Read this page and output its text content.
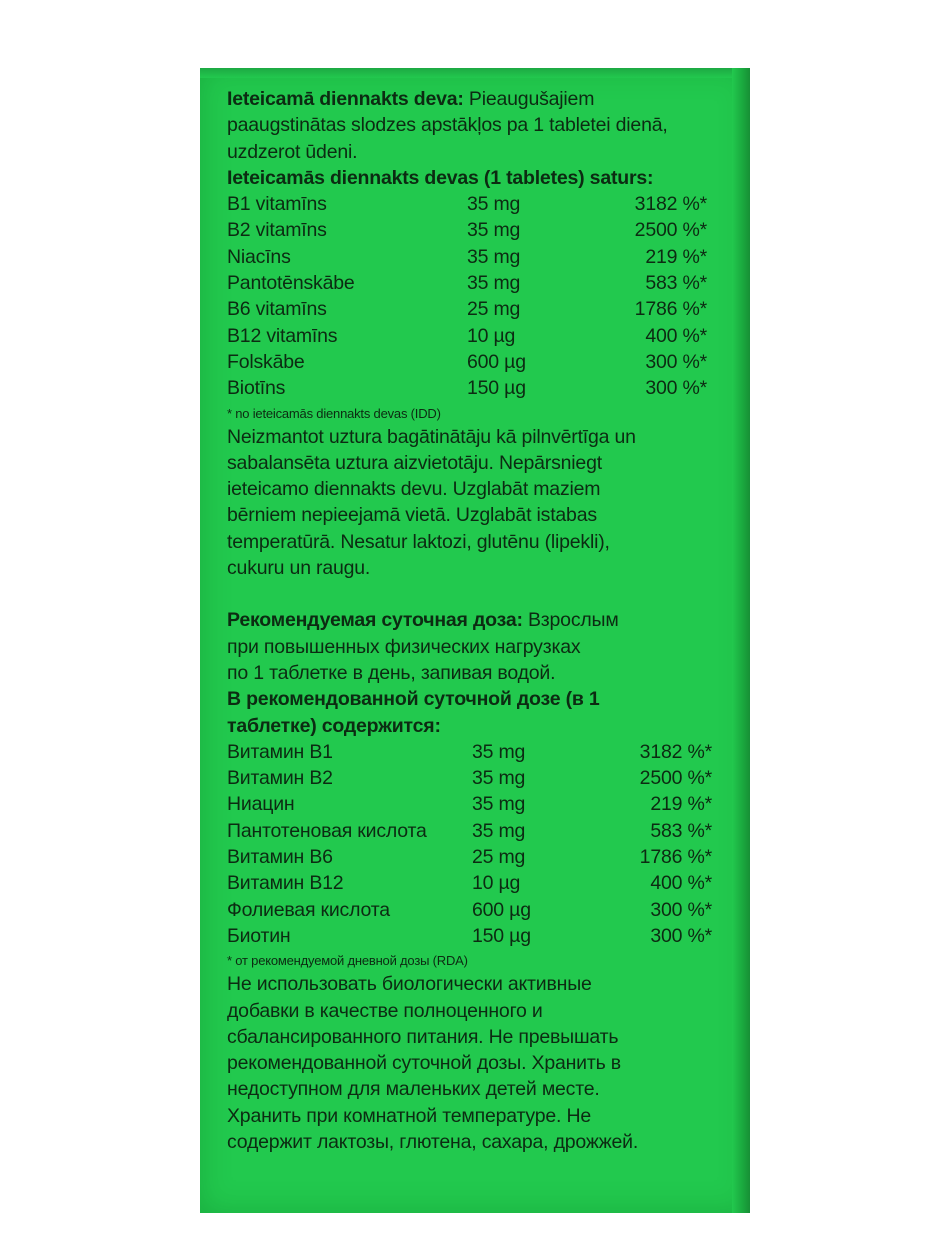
Ieteicamā diennakts deva: Pieaugušajiem
paaugstinātas slodzes apstākļos pa 1 tabletei dienā,
uzdzerot ūdeni.

Ieteicamās diennakts devas (1 tabletes) saturs:

B1 vitamīns	35 mg	3182 %*
B2 vitamīns	35 mg	2500 %*
Niacīns	35 mg	219 %*
Pantotēnskābe	35 mg	583 %*
B6 vitamīns	25 mg	1786 %*
B12 vitamīns	10 µg	400 %*
Folskābe	600 µg	300 %*
Biotīns	150 µg	300 %*

* no ieteicamās diennakts devas (IDD)

Neizmantot uztura bagātinātāju kā pilnvērtīga un
sabalansēta uztura aizvietotāju. Nepārsniegt
ieteicamo diennakts devu. Uzglabāt maziem
bērniem nepieejamā vietā. Uzglabāt istabas
temperatūrā. Nesatur laktozi, glutēnu (lipekli),
cukuru un raugu.

Рекомендуемая суточная доза: Взрослым
при повышенных физических нагрузках
по 1 таблетке в день, запивая водой.

В рекомендованной суточной дозе (в 1
таблетке) содержится:

Витамин В1	35 mg	3182 %*
Витамин В2	35 mg	2500 %*
Ниацин	35 mg	219 %*
Пантотеновая кислота	35 mg	583 %*
Витамин В6	25 mg	1786 %*
Витамин В12	10 µg	400 %*
Фолиевая кислота	600 µg	300 %*
Биотин	150 µg	300 %*

* от рекомендуемой дневной дозы (RDA)

Не использовать биологически активные
добавки в качестве полноценного и
сбалансированного питания. Не превышать
рекомендованной суточной дозы. Хранить в
недоступном для маленьких детей месте.
Хранить при комнатной температуре. Не
содержит лактозы, глютена, сахара, дрожжей.
